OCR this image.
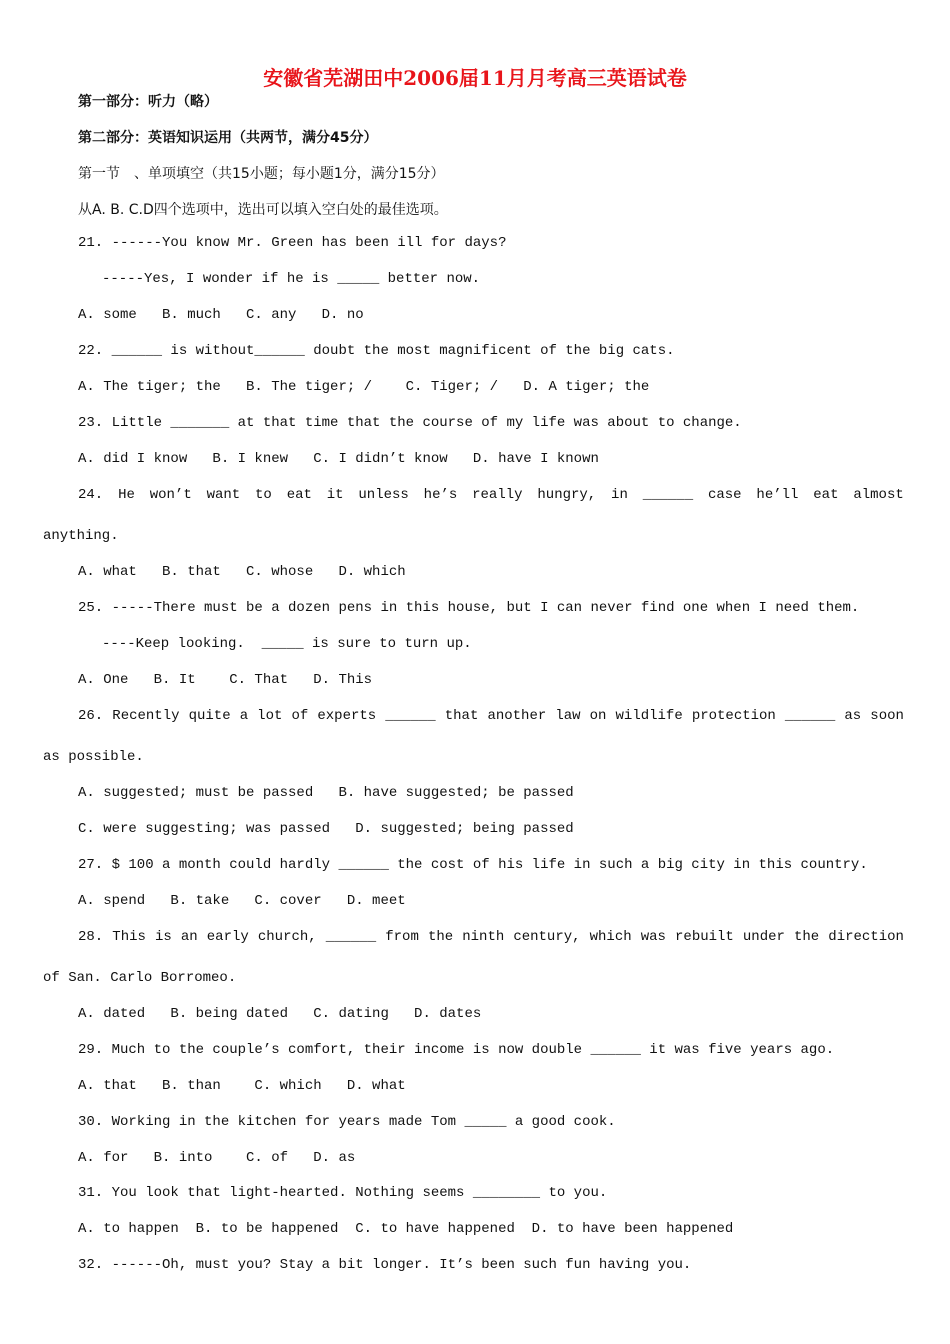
安徽省芜湖田中2006届11月月考高三英语试卷
第一部分：听力（略）
第二部分：英语知识运用（共两节，满分45分）
第一节　、单项填空（共15小题；每小题1分，满分15分）
从A. B. C.D四个选项中，选出可以填入空白处的最佳选项。
21. ------You know Mr. Green has been ill for days?
-----Yes, I wonder if he is _____ better now.
A. some   B. much   C. any   D. no
22. ______ is without______ doubt the most magnificent of the big cats.
A. The tiger; the   B. The tiger; /    C. Tiger; /   D. A tiger; the
23. Little _______ at that time that the course of my life was about to change.
A. did I know   B. I knew   C. I didn’t know   D. have I known
24. He won’t want to eat it unless he’s really hungry, in ______ case he’ll eat almost
anything.
A. what   B. that   C. whose   D. which
25. -----There must be a dozen pens in this house, but I can never find one when I need them.
----Keep looking.  _____ is sure to turn up.
A. One   B. It    C. That   D. This
26. Recently quite a lot of experts ______ that another law on wildlife protection ______ as soon
as possible.
A. suggested; must be passed   B. have suggested; be passed
C. were suggesting; was passed   D. suggested; being passed
27. $ 100 a month could hardly ______ the cost of his life in such a big city in this country.
A. spend   B. take   C. cover   D. meet
28. This is an early church, ______ from the ninth century, which was rebuilt under the direction
of San. Carlo Borromeo.
A. dated   B. being dated   C. dating   D. dates
29. Much to the couple’s comfort, their income is now double ______ it was five years ago.
A. that   B. than    C. which   D. what
30. Working in the kitchen for years made Tom _____ a good cook.
A. for   B. into    C. of   D. as
31. You look that light-hearted. Nothing seems ________ to you.
A. to happen  B. to be happened  C. to have happened  D. to have been happened
32. ------Oh, must you? Stay a bit longer. It’s been such fun having you.
